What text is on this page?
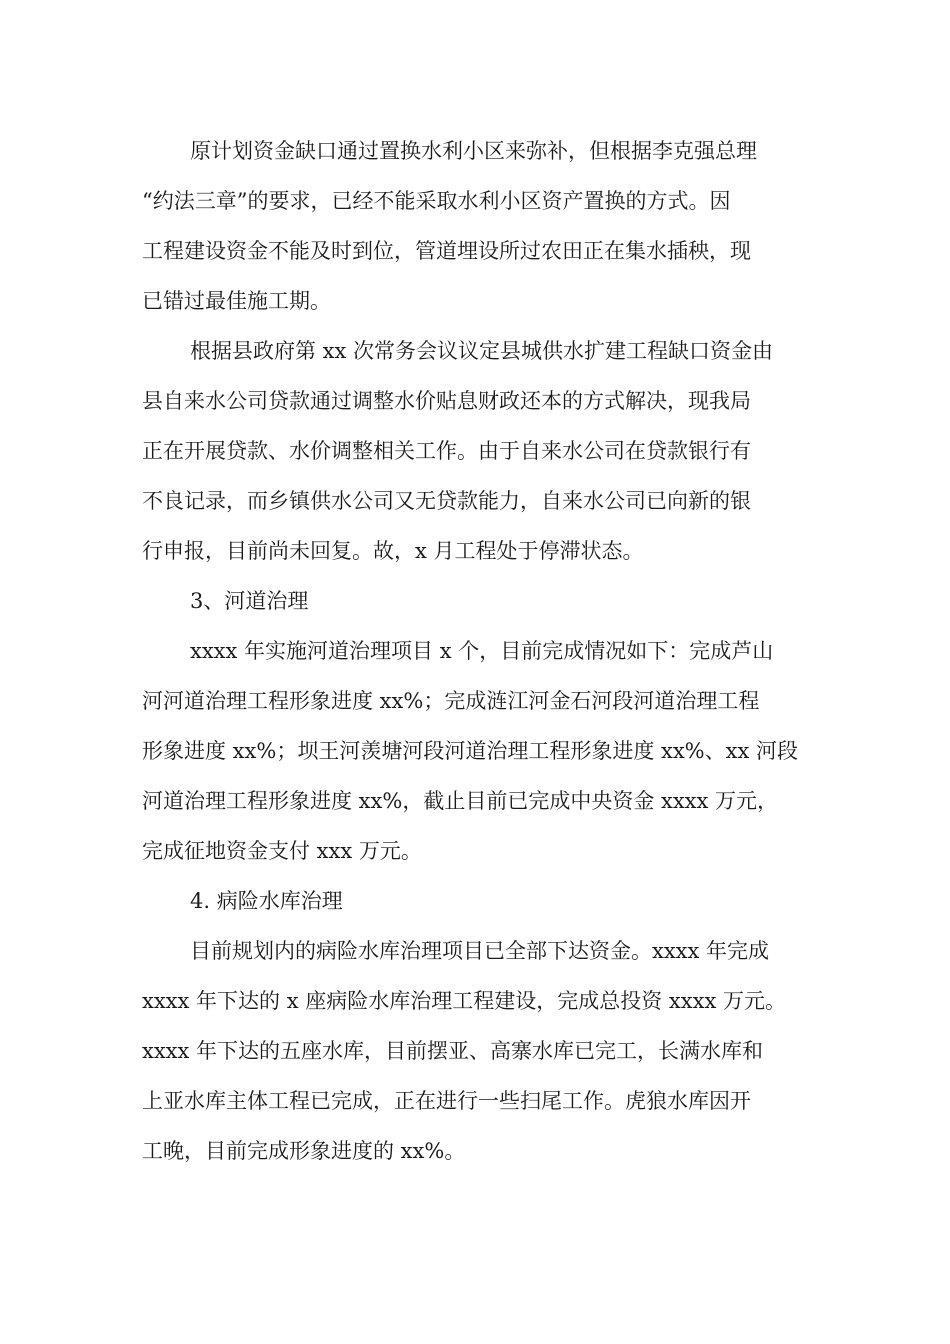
原计划资金缺口通过置换水利小区来弥补，但根据李克强总理

“约法三章”的要求，已经不能采取水利小区资产置换的方式。因

工程建设资金不能及时到位，管道埋设所过农田正在集水插秧，现

已错过最佳施工期。

根据县政府第 xx 次常务会议议定县城供水扩建工程缺口资金由

县自来水公司贷款通过调整水价贴息财政还本的方式解决，现我局

正在开展贷款、水价调整相关工作。由于自来水公司在贷款银行有

不良记录，而乡镇供水公司又无贷款能力，自来水公司已向新的银

行申报，目前尚未回复。故，x 月工程处于停滞状态。

3、河道治理

xxxx 年实施河道治理项目 x 个，目前完成情况如下：完成芦山

河河道治理工程形象进度 xx%；完成涟江河金石河段河道治理工程

形象进度 xx%；坝王河羡塘河段河道治理工程形象进度 xx%、xx 河段

河道治理工程形象进度 xx%，截止目前已完成中央资金 xxxx 万元，

完成征地资金支付 xxx 万元。

4. 病险水库治理

目前规划内的病险水库治理项目已全部下达资金。xxxx 年完成

xxxx 年下达的 x 座病险水库治理工程建设，完成总投资 xxxx 万元。

xxxx 年下达的五座水库，目前摆亚、高寨水库已完工，长满水库和

上亚水库主体工程已完成，正在进行一些扫尾工作。虎狼水库因开

工晚，目前完成形象进度的 xx%。
